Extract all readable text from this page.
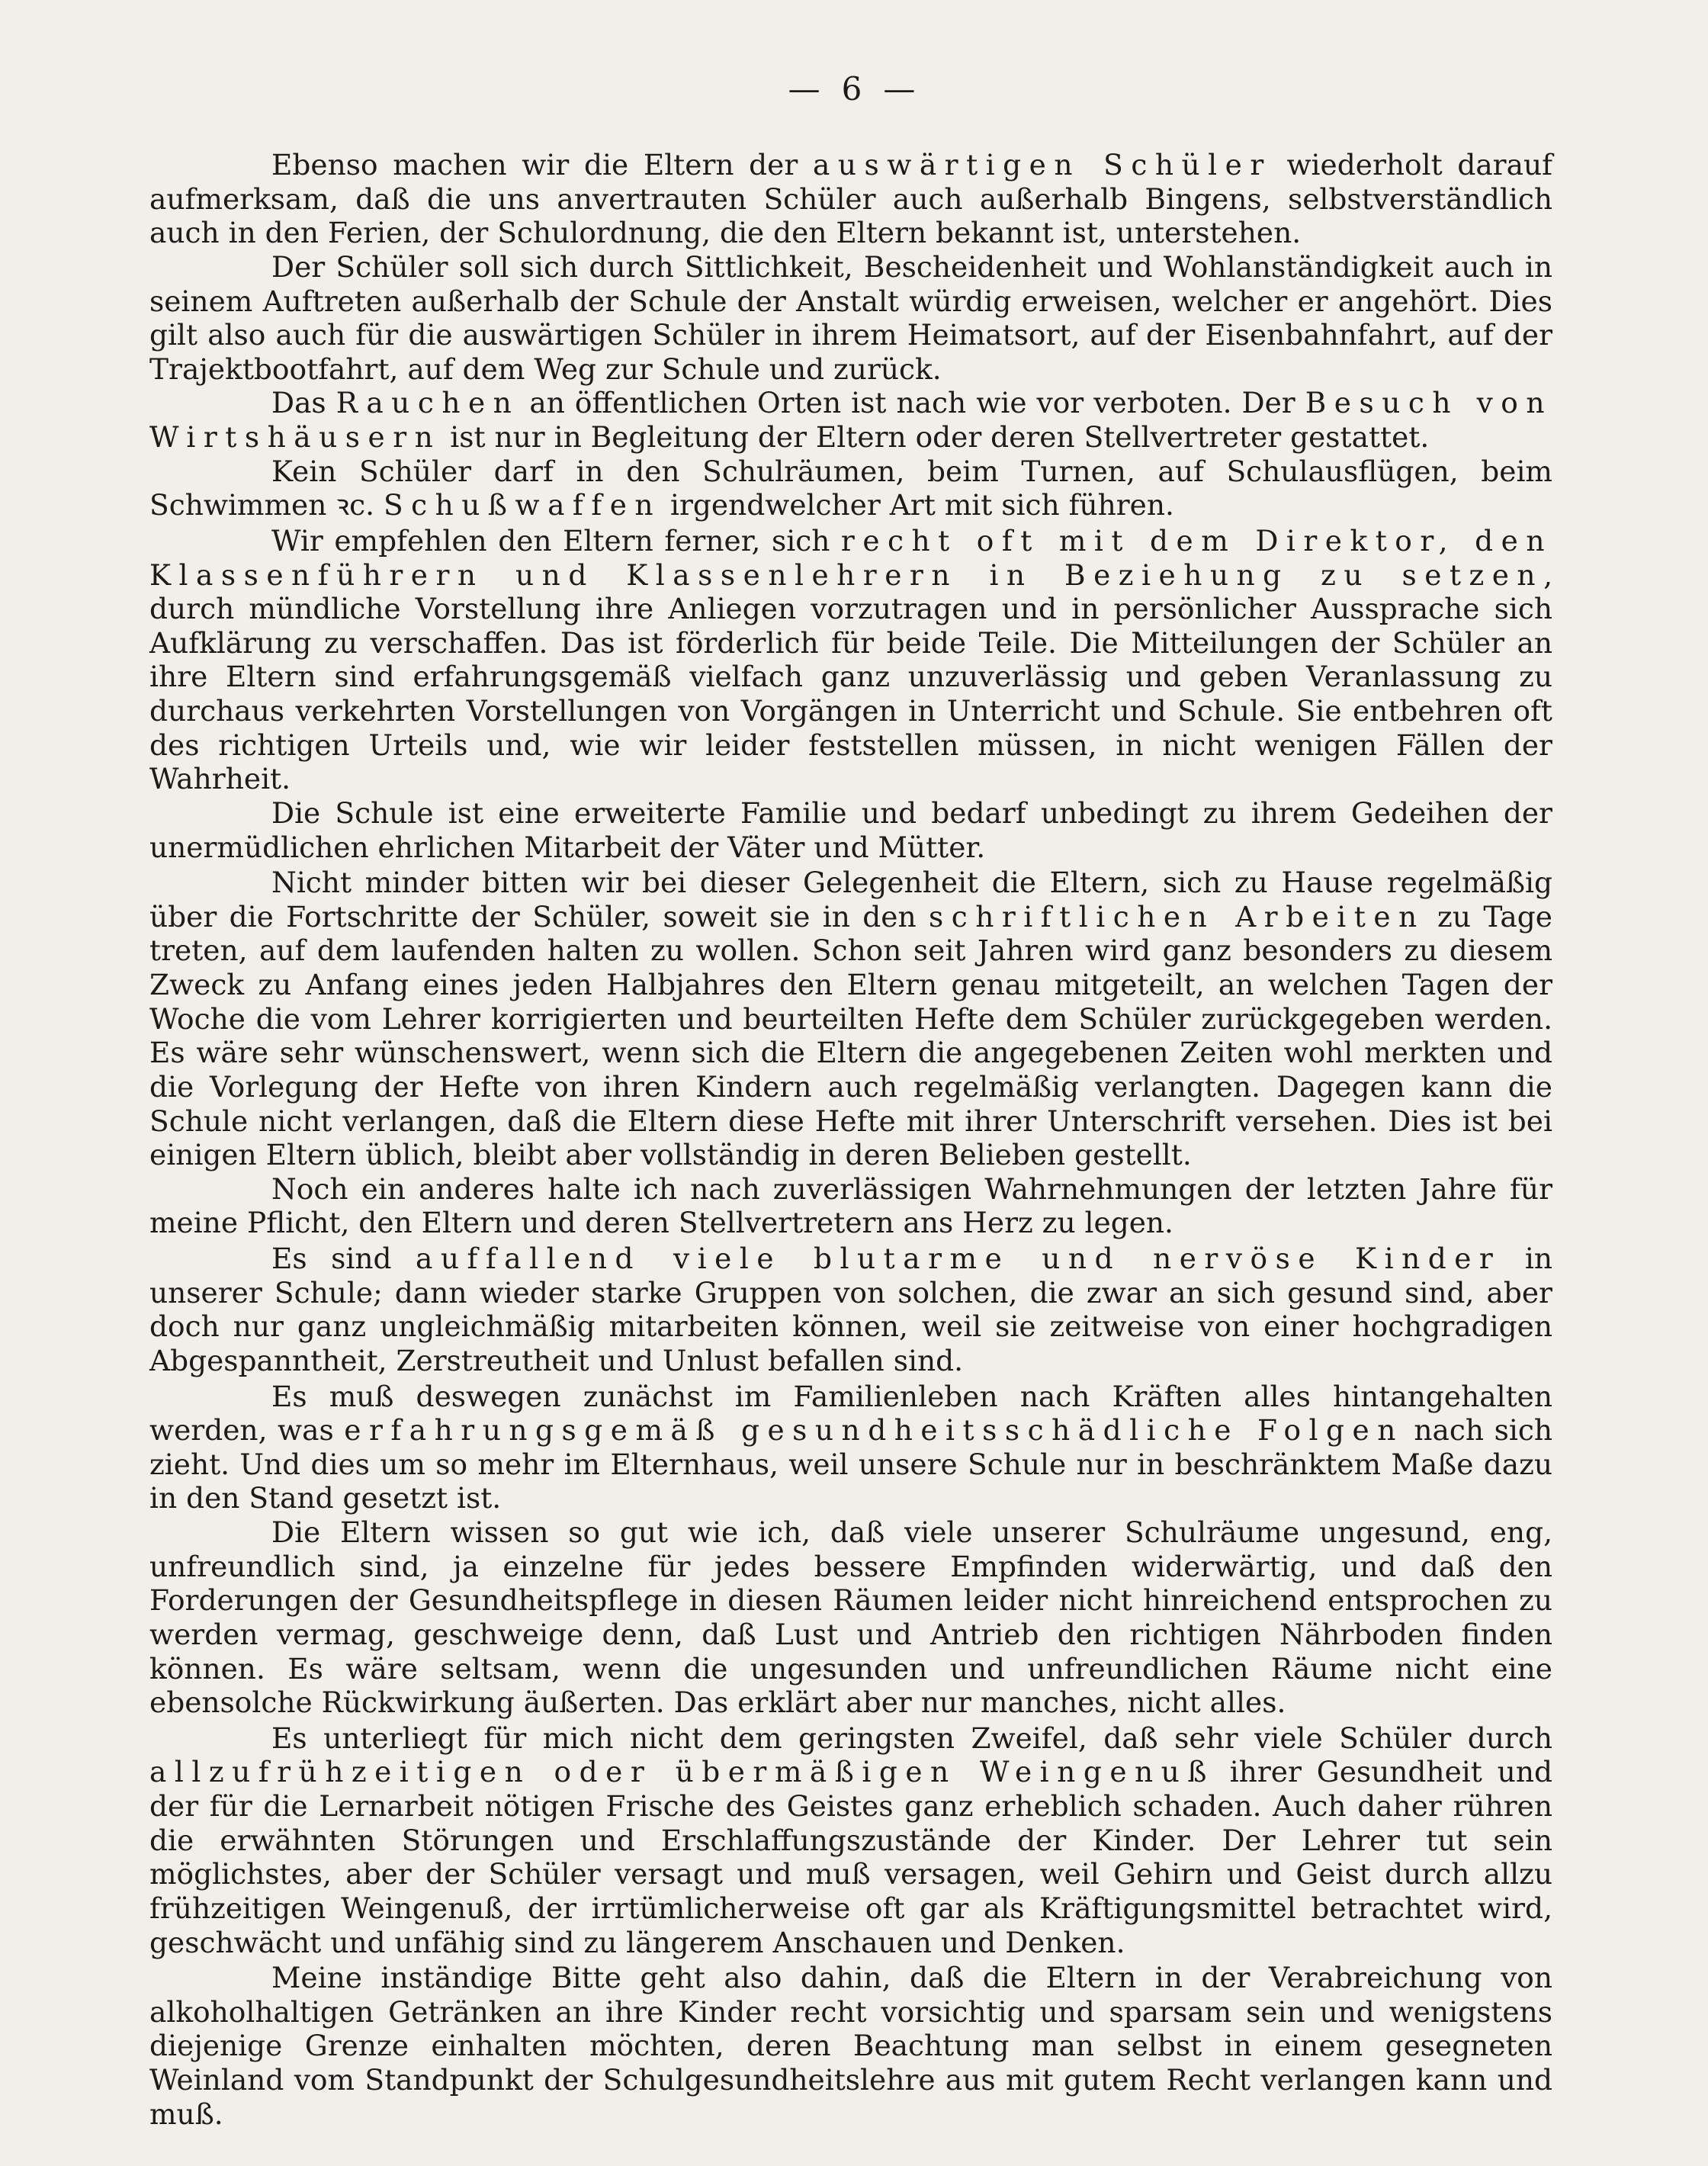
— 6 —

Ebenso machen wir die Eltern der auswärtigen Schüler wiederholt darauf aufmerksam, daß die uns anvertrauten Schüler auch außerhalb Bingens, selbstverständlich auch in den Ferien, der Schulordnung, die den Eltern bekannt ist, unterstehen.

Der Schüler soll sich durch Sittlichkeit, Bescheidenheit und Wohlanständigkeit auch in seinem Auftreten außerhalb der Schule der Anstalt würdig erweisen, welcher er angehört. Dies gilt also auch für die auswärtigen Schüler in ihrem Heimatsort, auf der Eisenbahnfahrt, auf der Trajektbootfahrt, auf dem Weg zur Schule und zurück.

Das Rauchen an öffentlichen Orten ist nach wie vor verboten. Der Besuch von Wirtshäusern ist nur in Begleitung der Eltern oder deren Stellvertreter gestattet.

Kein Schüler darf in den Schulräumen, beim Turnen, auf Schulausflügen, beim Schwimmen ꝛc. Schußwaffen irgendwelcher Art mit sich führen.

Wir empfehlen den Eltern ferner, sich recht oft mit dem Direktor, den Klassenführern und Klassenlehrern in Beziehung zu setzen, durch mündliche Vorstellung ihre Anliegen vorzutragen und in persönlicher Aussprache sich Aufklärung zu verschaffen. Das ist förderlich für beide Teile. Die Mitteilungen der Schüler an ihre Eltern sind erfahrungsgemäß vielfach ganz unzuverlässig und geben Veranlassung zu durchaus verkehrten Vorstellungen von Vorgängen in Unterricht und Schule. Sie entbehren oft des richtigen Urteils und, wie wir leider feststellen müssen, in nicht wenigen Fällen der Wahrheit.

Die Schule ist eine erweiterte Familie und bedarf unbedingt zu ihrem Gedeihen der unermüdlichen ehrlichen Mitarbeit der Väter und Mütter.

Nicht minder bitten wir bei dieser Gelegenheit die Eltern, sich zu Hause regelmäßig über die Fortschritte der Schüler, soweit sie in den schriftlichen Arbeiten zu Tage treten, auf dem laufenden halten zu wollen. Schon seit Jahren wird ganz besonders zu diesem Zweck zu Anfang eines jeden Halbjahres den Eltern genau mitgeteilt, an welchen Tagen der Woche die vom Lehrer korrigierten und beurteilten Hefte dem Schüler zurückgegeben werden. Es wäre sehr wünschenswert, wenn sich die Eltern die angegebenen Zeiten wohl merkten und die Vorlegung der Hefte von ihren Kindern auch regelmäßig verlangten. Dagegen kann die Schule nicht verlangen, daß die Eltern diese Hefte mit ihrer Unterschrift versehen. Dies ist bei einigen Eltern üblich, bleibt aber vollständig in deren Belieben gestellt.

Noch ein anderes halte ich nach zuverlässigen Wahrnehmungen der letzten Jahre für meine Pflicht, den Eltern und deren Stellvertretern ans Herz zu legen.

Es sind auffallend viele blutarme und nervöse Kinder in unserer Schule; dann wieder starke Gruppen von solchen, die zwar an sich gesund sind, aber doch nur ganz ungleichmäßig mitarbeiten können, weil sie zeitweise von einer hochgradigen Abgespanntheit, Zerstreutheit und Unlust befallen sind.

Es muß deswegen zunächst im Familienleben nach Kräften alles hintangehalten werden, was erfahrungsgemäß gesundheitsschädliche Folgen nach sich zieht. Und dies um so mehr im Elternhaus, weil unsere Schule nur in beschränktem Maße dazu in den Stand gesetzt ist.

Die Eltern wissen so gut wie ich, daß viele unserer Schulräume ungesund, eng, unfreundlich sind, ja einzelne für jedes bessere Empfinden widerwärtig, und daß den Forderungen der Gesundheitspflege in diesen Räumen leider nicht hinreichend entsprochen zu werden vermag, geschweige denn, daß Lust und Antrieb den richtigen Nährboden finden können. Es wäre seltsam, wenn die ungesunden und unfreundlichen Räume nicht eine ebensolche Rückwirkung äußerten. Das erklärt aber nur manches, nicht alles.

Es unterliegt für mich nicht dem geringsten Zweifel, daß sehr viele Schüler durch allzufrühzeitigen oder übermäßigen Weingenuß ihrer Gesundheit und der für die Lernarbeit nötigen Frische des Geistes ganz erheblich schaden. Auch daher rühren die erwähnten Störungen und Erschlaffungszustände der Kinder. Der Lehrer tut sein möglichstes, aber der Schüler versagt und muß versagen, weil Gehirn und Geist durch allzu frühzeitigen Weingenuß, der irrtümlicherweise oft gar als Kräftigungsmittel betrachtet wird, geschwächt und unfähig sind zu längerem Anschauen und Denken.

Meine inständige Bitte geht also dahin, daß die Eltern in der Verabreichung von alkoholhaltigen Getränken an ihre Kinder recht vorsichtig und sparsam sein und wenigstens diejenige Grenze einhalten möchten, deren Beachtung man selbst in einem gesegneten Weinland vom Standpunkt der Schulgesundheitslehre aus mit gutem Recht verlangen kann und muß.
